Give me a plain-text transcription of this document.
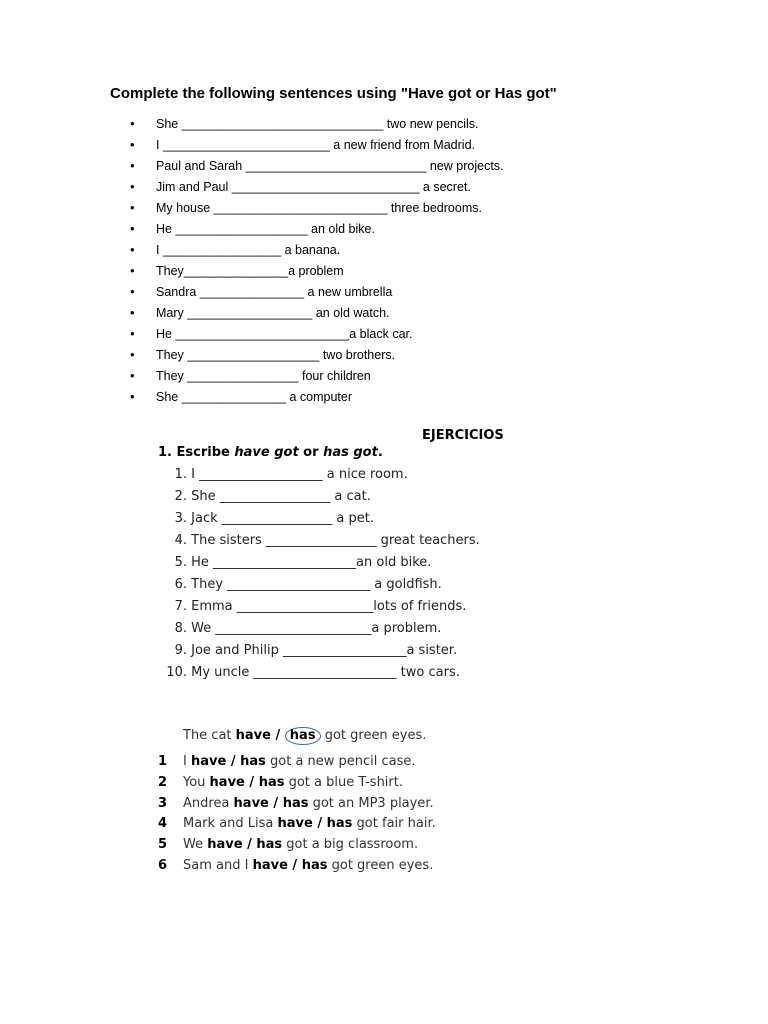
Complete the following sentences using "Have got or Has got"
• She _____________________________ two new pencils.
• I ________________________ a new friend from Madrid.
• Paul and Sarah __________________________ new projects.
• Jim and Paul ___________________________ a secret.
• My house _________________________ three bedrooms.
• He ___________________ an old bike.
• I _________________ a banana.
• They_______________a problem
• Sandra _______________ a new umbrella
• Mary __________________ an old watch.
• He _________________________a black car.
• They ___________________ two brothers.
• They ________________ four children
• She _______________ a computer
EJERCICIOS
1. Escribe have got or has got.
1. I ___________________ a nice room.
2. She _________________ a cat.
3. Jack _________________ a pet.
4. The sisters _________________ great teachers.
5. He ______________________an old bike.
6. They ______________________ a goldfish.
7. Emma _____________________lots of friends.
8. We ________________________a problem.
9. Joe and Philip ___________________a sister.
10. My uncle ______________________ two cars.
The cat have / has got green eyes.
1 I have / has got a new pencil case.
2 You have / has got a blue T-shirt.
3 Andrea have / has got an MP3 player.
4 Mark and Lisa have / has got fair hair.
5 We have / has got a big classroom.
6 Sam and I have / has got green eyes.
